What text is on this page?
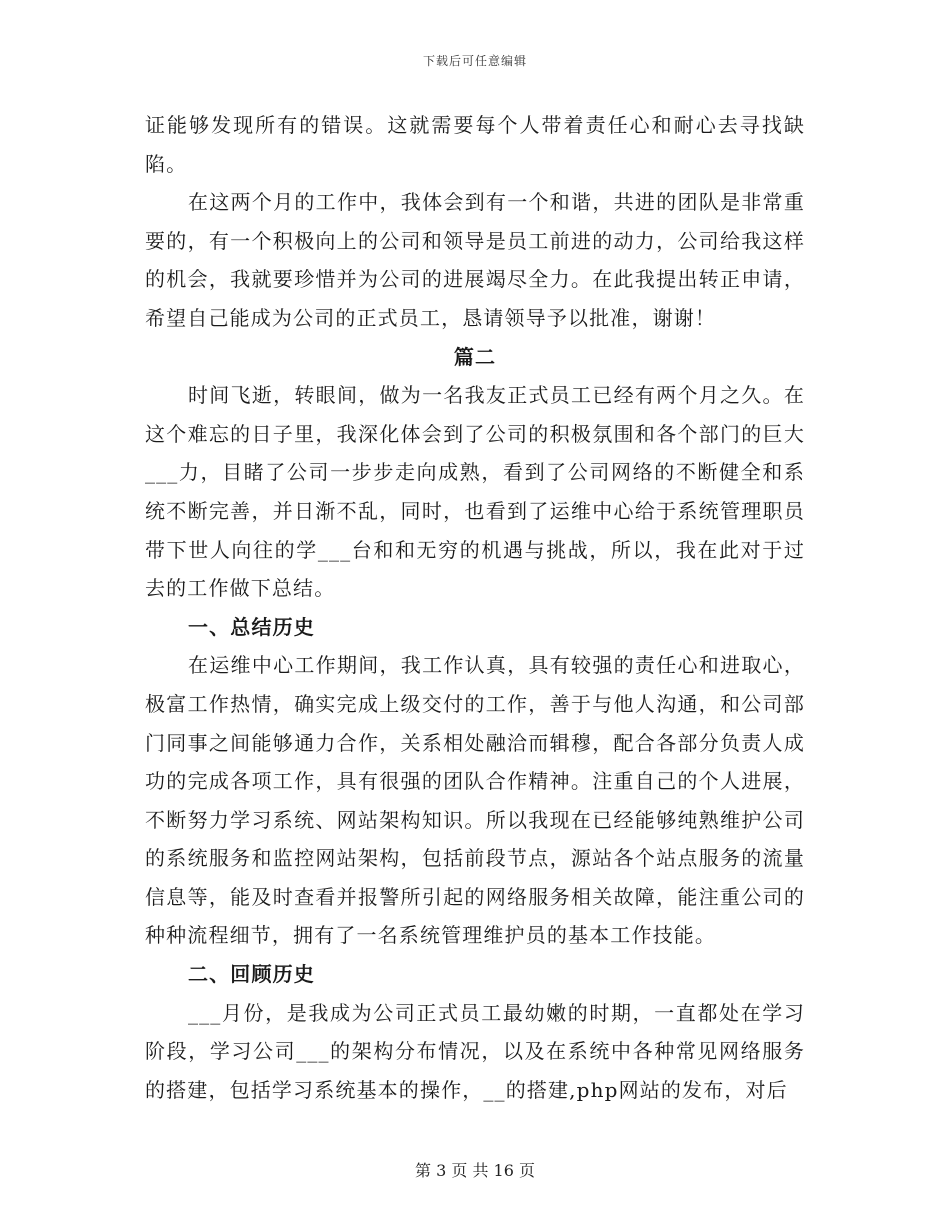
下载后可任意编辑

证能够发现所有的错误。这就需要每个人带着责任心和耐心去寻找缺陷。

在这两个月的工作中，我体会到有一个和谐，共进的团队是非常重要的，有一个积极向上的公司和领导是员工前进的动力，公司给我这样的机会，我就要珍惜并为公司的进展竭尽全力。在此我提出转正申请，希望自己能成为公司的正式员工，恳请领导予以批准，谢谢！

篇二

时间飞逝，转眼间，做为一名我友正式员工已经有两个月之久。在这个难忘的日子里，我深化体会到了公司的积极氛围和各个部门的巨大___力，目睹了公司一步步走向成熟，看到了公司网络的不断健全和系统不断完善，并日渐不乱，同时，也看到了运维中心给于系统管理职员带下世人向往的学___台和和无穷的机遇与挑战，所以，我在此对于过去的工作做下总结。

一、总结历史

在运维中心工作期间，我工作认真，具有较强的责任心和进取心，极富工作热情，确实完成上级交付的工作，善于与他人沟通，和公司部门同事之间能够通力合作，关系相处融洽而辑穆，配合各部分负责人成功的完成各项工作，具有很强的团队合作精神。注重自己的个人进展，不断努力学习系统、网站架构知识。所以我现在已经能够纯熟维护公司的系统服务和监控网站架构，包括前段节点，源站各个站点服务的流量信息等，能及时查看并报警所引起的网络服务相关故障，能注重公司的种种流程细节，拥有了一名系统管理维护员的基本工作技能。

二、回顾历史

___月份，是我成为公司正式员工最幼嫩的时期，一直都处在学习阶段，学习公司___的架构分布情况，以及在系统中各种常见网络服务的搭建，包括学习系统基本的操作，__的搭建,php网站的发布，对后

第 3 页 共 16 页
